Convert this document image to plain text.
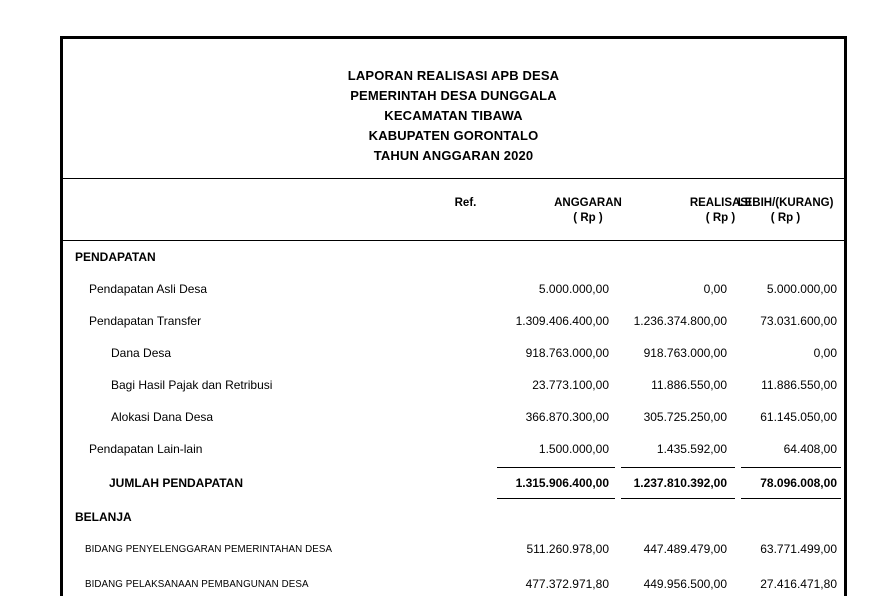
LAPORAN REALISASI APB DESA
PEMERINTAH DESA DUNGGALA
KECAMATAN TIBAWA
KABUPATEN GORONTALO
TAHUN ANGGARAN 2020
Ref.	ANGGARAN
( Rp )
REALISASI
( Rp )
LEBIH/(KURANG)
( Rp )
PENDAPATAN
Pendapatan Asli Desa	5.000.000,00	0,00	5.000.000,00
Pendapatan Transfer	1.309.406.400,00 1.236.374.800,00	73.031.600,00
Dana Desa	918.763.000,00	918.763.000,00	0,00
Bagi Hasil Pajak dan Retribusi	23.773.100,00	11.886.550,00	11.886.550,00
Alokasi Dana Desa	366.870.300,00	305.725.250,00	61.145.050,00
Pendapatan Lain-lain	1.500.000,00	1.435.592,00	64.408,00
JUMLAH PENDAPATAN	1.315.906.400,00 1.237.810.392,00	78.096.008,00
BELANJA
BIDANG PENYELENGGARAN PEMERINTAHAN DESA	511.260.978,00	447.489.479,00	63.771.499,00
BIDANG PELAKSANAAN PEMBANGUNAN DESA	477.372.971,80	449.956.500,00	27.416.471,80
